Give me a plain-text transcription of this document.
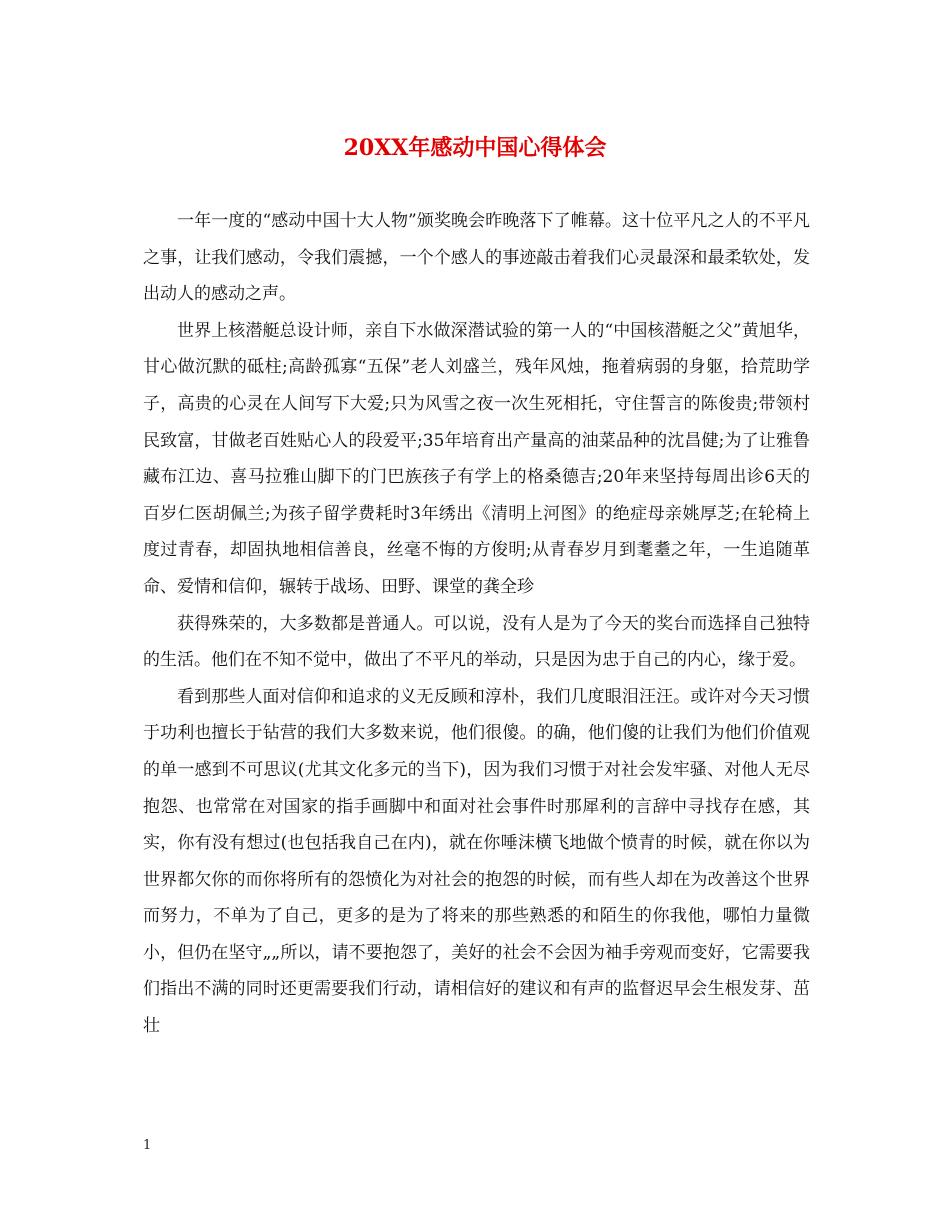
20XX年感动中国心得体会

一年一度的“感动中国十大人物”颁奖晚会昨晚落下了帷幕。这十位平凡之人的不平凡之事，让我们感动，令我们震撼，一个个感人的事迹敲击着我们心灵最深和最柔软处，发出动人的感动之声。

世界上核潜艇总设计师，亲自下水做深潜试验的第一人的“中国核潜艇之父”黄旭华，甘心做沉默的砥柱;高龄孤寡“五保”老人刘盛兰，残年风烛，拖着病弱的身躯，拾荒助学子，高贵的心灵在人间写下大爱;只为风雪之夜一次生死相托，守住誓言的陈俊贵;带领村民致富，甘做老百姓贴心人的段爱平;35年培育出产量高的油菜品种的沈昌健;为了让雅鲁藏布江边、喜马拉雅山脚下的门巴族孩子有学上的格桑德吉;20年来坚持每周出诊6天的百岁仁医胡佩兰;为孩子留学费耗时3年绣出《清明上河图》的绝症母亲姚厚芝;在轮椅上度过青春，却固执地相信善良，丝毫不悔的方俊明;从青春岁月到耄耋之年，一生追随革命、爱情和信仰，辗转于战场、田野、课堂的龚全珍

获得殊荣的，大多数都是普通人。可以说，没有人是为了今天的奖台而选择自己独特的生活。他们在不知不觉中，做出了不平凡的举动，只是因为忠于自己的内心，缘于爱。

看到那些人面对信仰和追求的义无反顾和淳朴，我们几度眼泪汪汪。或许对今天习惯于功利也擅长于钻营的我们大多数来说，他们很傻。的确，他们傻的让我们为他们价值观的单一感到不可思议(尤其文化多元的当下)，因为我们习惯于对社会发牢骚、对他人无尽抱怨、也常常在对国家的指手画脚中和面对社会事件时那犀利的言辞中寻找存在感，其实，你有没有想过(也包括我自己在内)，就在你唾沫横飞地做个愤青的时候，就在你以为世界都欠你的而你将所有的怨愤化为对社会的抱怨的时候，而有些人却在为改善这个世界而努力，不单为了自己，更多的是为了将来的那些熟悉的和陌生的你我他，哪怕力量微小，但仍在坚守„„所以，请不要抱怨了，美好的社会不会因为袖手旁观而变好，它需要我们指出不满的同时还更需要我们行动，请相信好的建议和有声的监督迟早会生根发芽、茁壮

1
